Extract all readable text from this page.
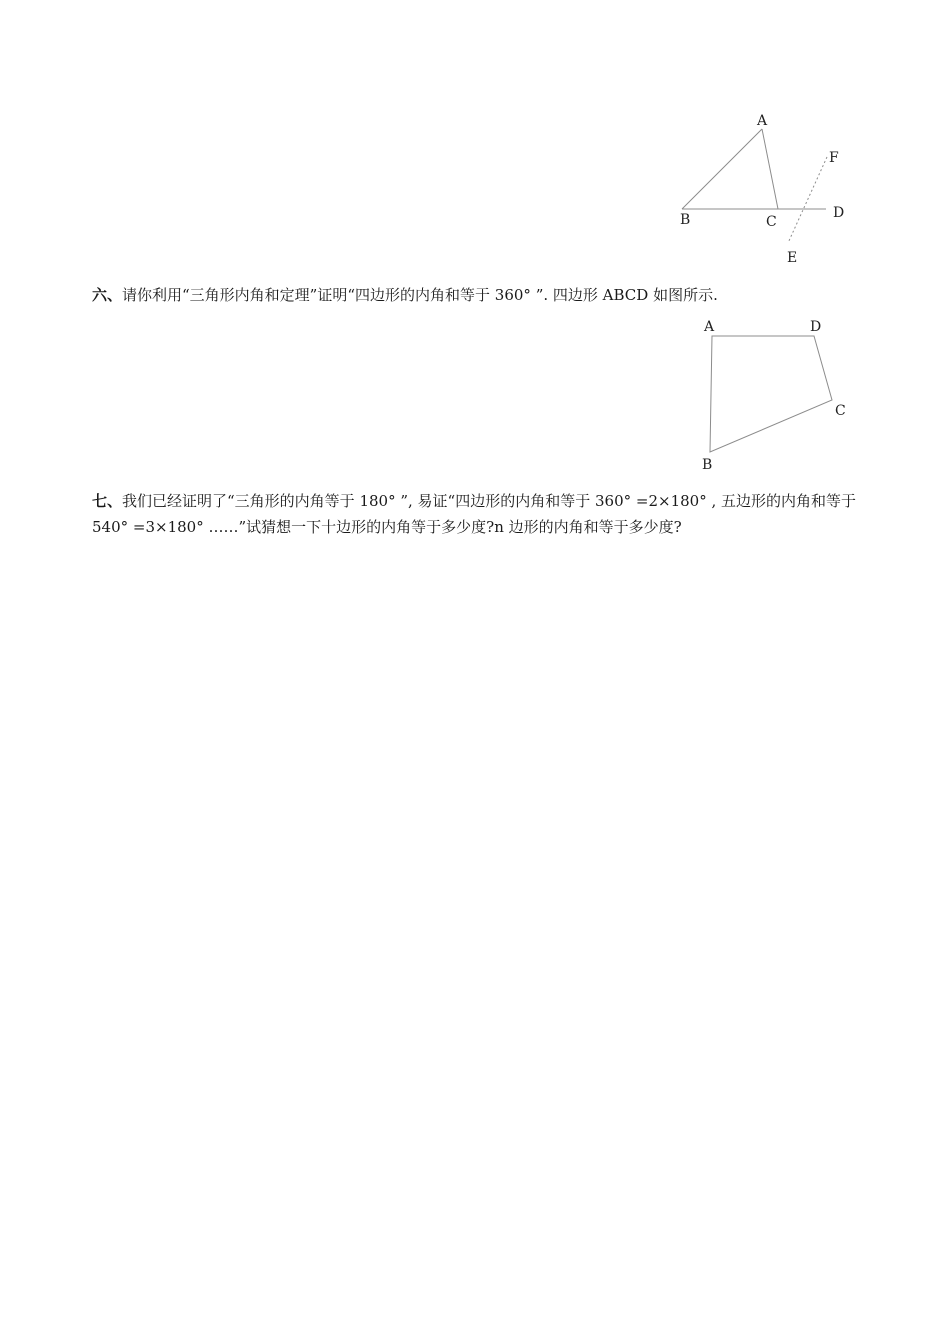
A
B	C
D
E
F
六、请你利用“三角形内角和定理”证明“四边形的内角和等于 360° ”. 四边形 ABCD 如图所示.
A	D
C
B
七、我们已经证明了“三角形的内角等于 180° ”, 易证“四边形的内角和等于 360° =2×180° , 五边形的内角和等于 540° =3×180° ……”试猜想一下十边形的内角等于多少度?n 边形的内角和等于多少度?
